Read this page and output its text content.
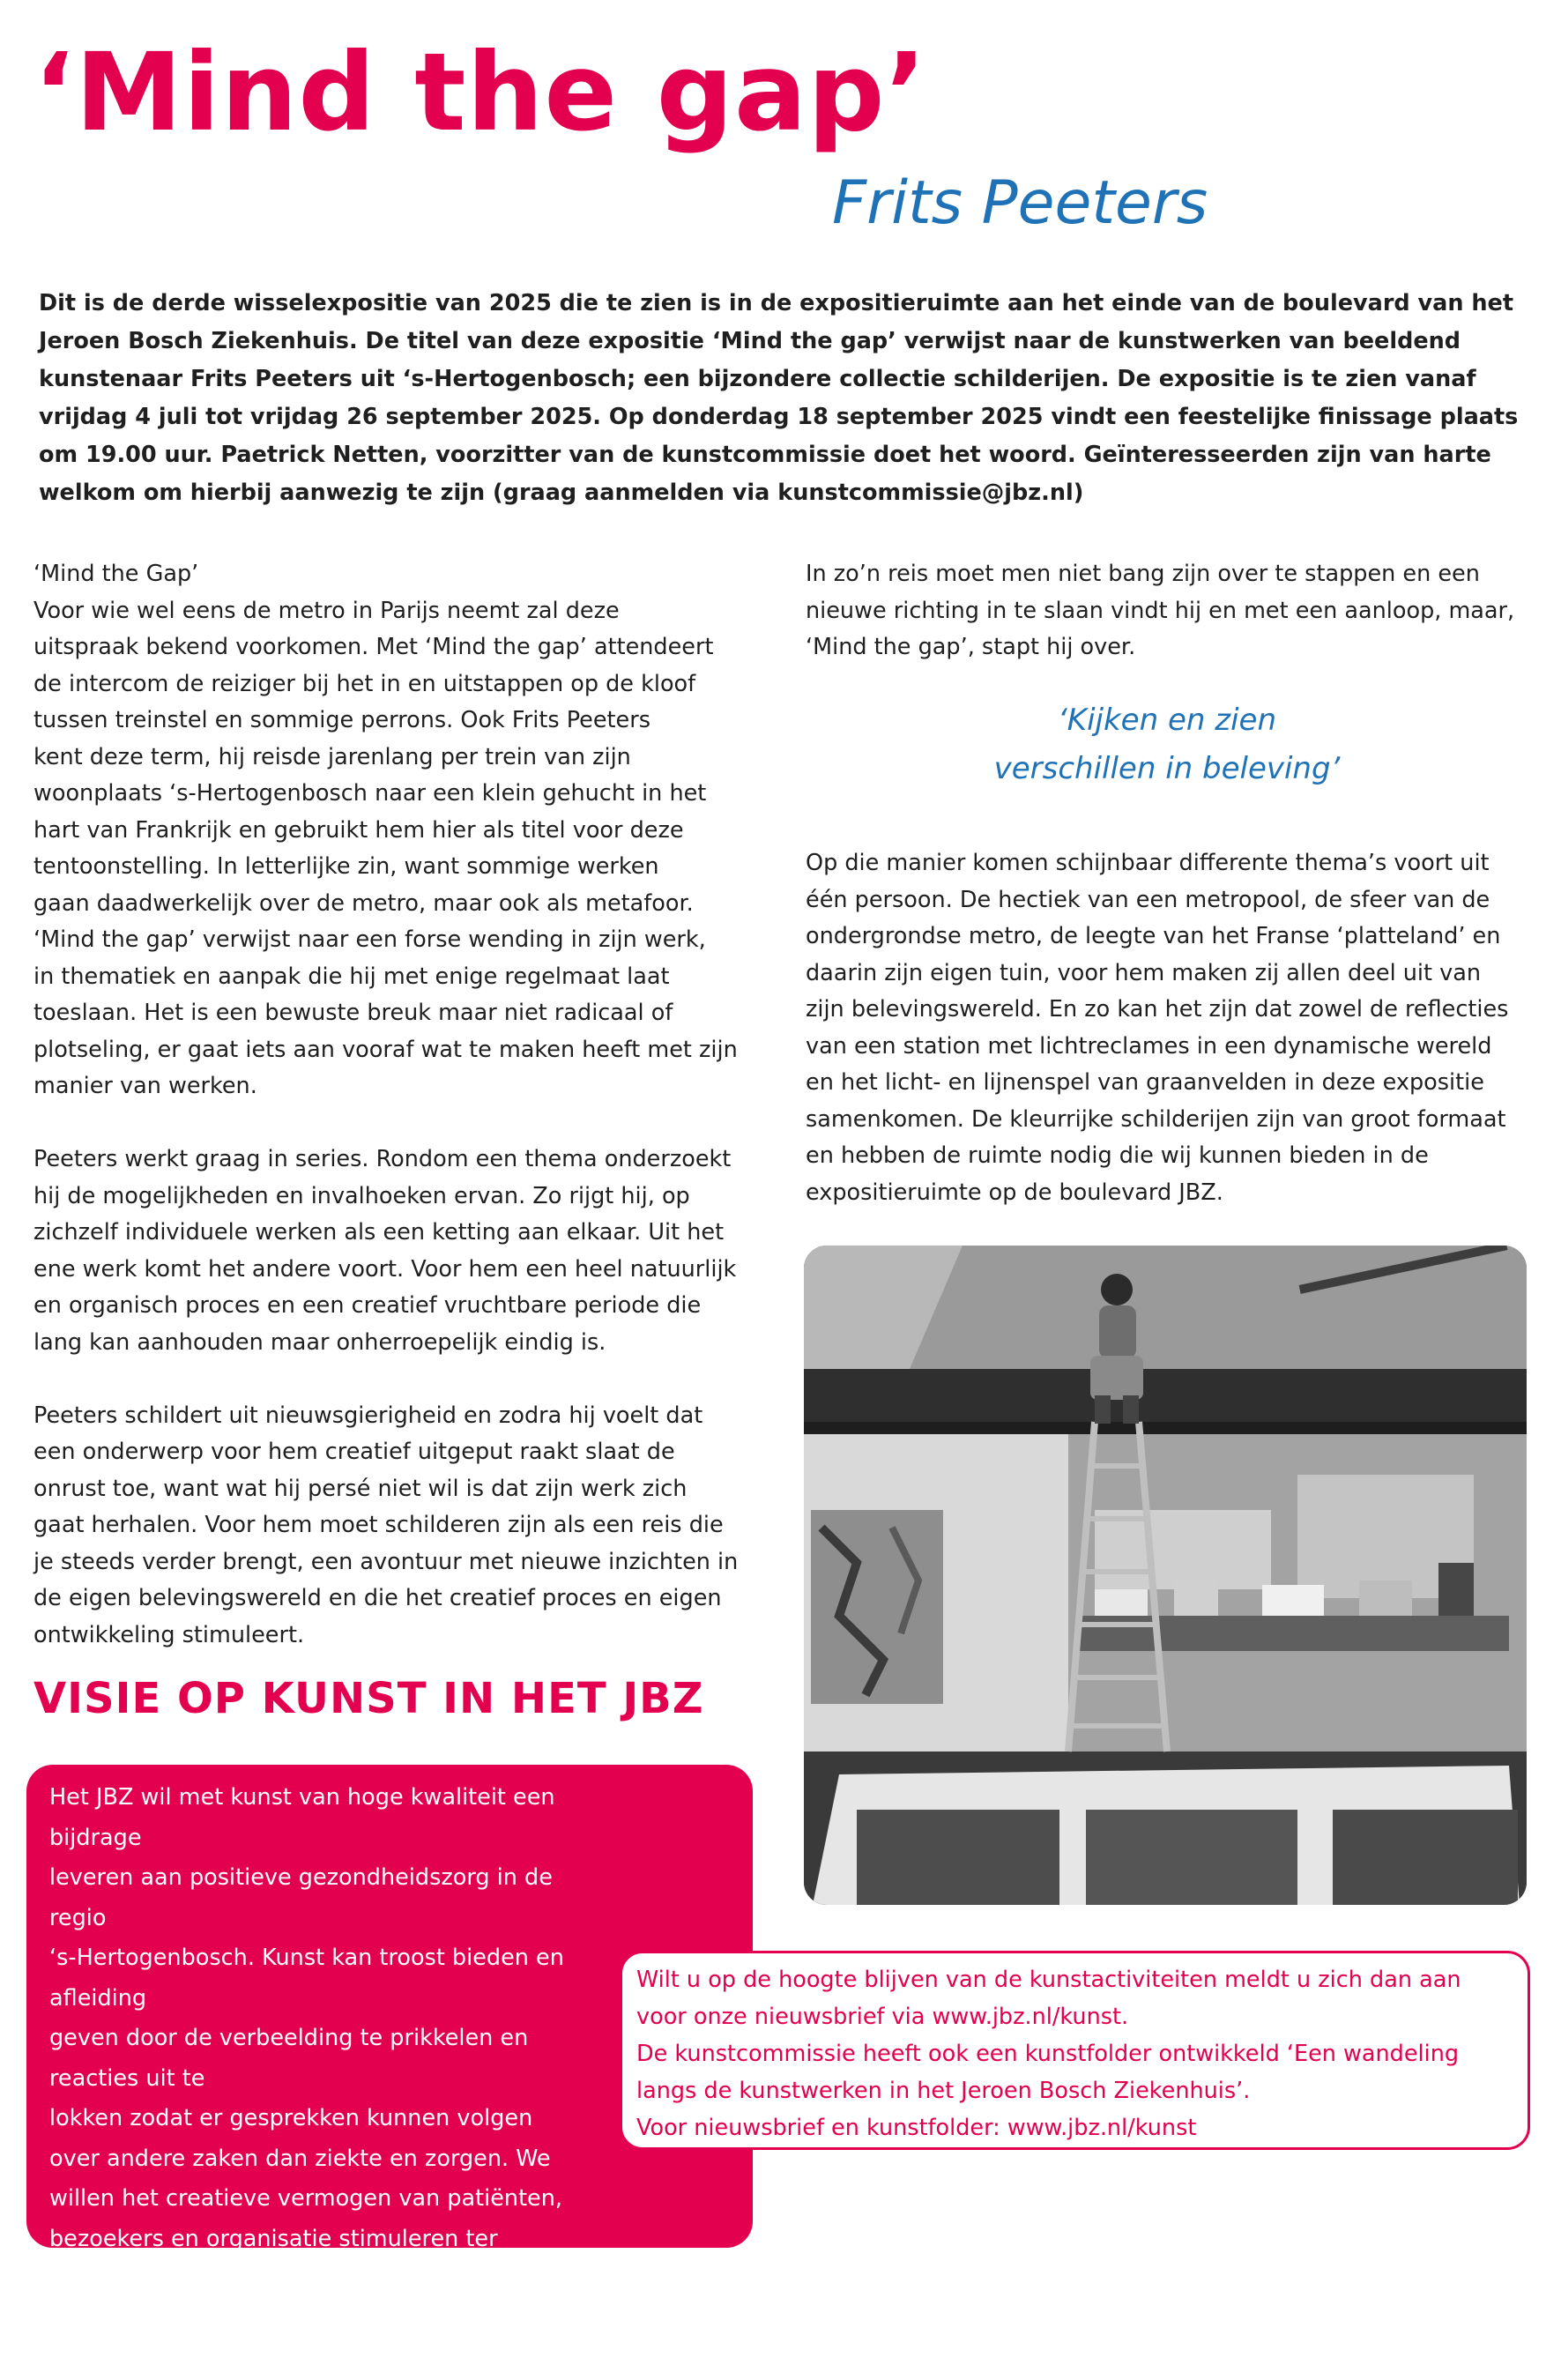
‘Mind the gap’
Frits Peeters

Dit is de derde wisselexpositie van 2025 die te zien is in de expositieruimte aan het einde van de boulevard van het Jeroen Bosch Ziekenhuis. De titel van deze expositie ‘Mind the gap’ verwijst naar de kunstwerken van beeldend kunstenaar Frits Peeters uit ‘s-Hertogenbosch; een bijzondere collectie schilderijen. De expositie is te zien vanaf vrijdag 4 juli tot vrijdag 26 september 2025. Op donderdag 18 september 2025 vindt een feestelijke finissage plaats om 19.00 uur. Paetrick Netten, voorzitter van de kunstcommissie doet het woord. Geïnteresseerden zijn van harte welkom om hierbij aanwezig te zijn (graag aanmelden via kunstcommissie@jbz.nl)

‘Mind the Gap’
Voor wie wel eens de metro in Parijs neemt zal deze
uitspraak bekend voorkomen. Met ‘Mind the gap’ attendeert
de intercom de reiziger bij het in en uitstappen op de kloof
tussen treinstel en sommige perrons. Ook Frits Peeters
kent deze term, hij reisde jarenlang per trein van zijn
woonplaats ‘s-Hertogenbosch naar een klein gehucht in het
hart van Frankrijk en gebruikt hem hier als titel voor deze
tentoonstelling. In letterlijke zin, want sommige werken
gaan daadwerkelijk over de metro, maar ook als metafoor.
‘Mind the gap’ verwijst naar een forse wending in zijn werk,
in thematiek en aanpak die hij met enige regelmaat laat
toeslaan. Het is een bewuste breuk maar niet radicaal of
plotseling, er gaat iets aan vooraf wat te maken heeft met zijn
manier van werken.
Peeters werkt graag in series. Rondom een thema onderzoekt
hij de mogelijkheden en invalhoeken ervan. Zo rijgt hij, op
zichzelf individuele werken als een ketting aan elkaar. Uit het
ene werk komt het andere voort. Voor hem een heel natuurlijk
en organisch proces en een creatief vruchtbare periode die
lang kan aanhouden maar onherroepelijk eindig is.
Peeters schildert uit nieuwsgierigheid en zodra hij voelt dat
een onderwerp voor hem creatief uitgeput raakt slaat de
onrust toe, want wat hij persé niet wil is dat zijn werk zich
gaat herhalen. Voor hem moet schilderen zijn als een reis die
je steeds verder brengt, een avontuur met nieuwe inzichten in
de eigen belevingswereld en die het creatief proces en eigen
ontwikkeling stimuleert.
In zo’n reis moet men niet bang zijn over te stappen en een
nieuwe richting in te slaan vindt hij en met een aanloop, maar,
‘Mind the gap’, stapt hij over.
‘Kijken en zien
verschillen in beleving’
Op die manier komen schijnbaar differente thema’s voort uit
één persoon. De hectiek van een metropool, de sfeer van de
ondergrondse metro, de leegte van het Franse ‘platteland’ en
daarin zijn eigen tuin, voor hem maken zij allen deel uit van
zijn belevingswereld. En zo kan het zijn dat zowel de reflecties
van een station met lichtreclames in een dynamische wereld
en het licht- en lijnenspel van graanvelden in deze expositie
samenkomen. De kleurrijke schilderijen zijn van groot formaat
en hebben de ruimte nodig die wij kunnen bieden in de
expositieruimte op de boulevard JBZ.
VISIE OP KUNST IN HET JBZ
Het JBZ wil met kunst van hoge kwaliteit een bijdrage
leveren aan positieve gezondheidszorg in de regio
‘s-Hertogenbosch. Kunst kan troost bieden en afleiding
geven door de verbeelding te prikkelen en reacties uit te
lokken zodat er gesprekken kunnen volgen
over andere zaken dan ziekte en zorgen. We
willen het creatieve vermogen van patiënten,
bezoekers en organisatie stimuleren ter
bemoediging van zingeving van het leven en
zien dit als middel dat bijdraagt aan positieve
gezondheidszorg.
Wilt u op de hoogte blijven van de kunstactiviteiten meldt u zich dan aan
voor onze nieuwsbrief via www.jbz.nl/kunst.
De kunstcommissie heeft ook een kunstfolder ontwikkeld ‘Een wandeling
langs de kunstwerken in het Jeroen Bosch Ziekenhuis’.
Voor nieuwsbrief en kunstfolder: www.jbz.nl/kunst
